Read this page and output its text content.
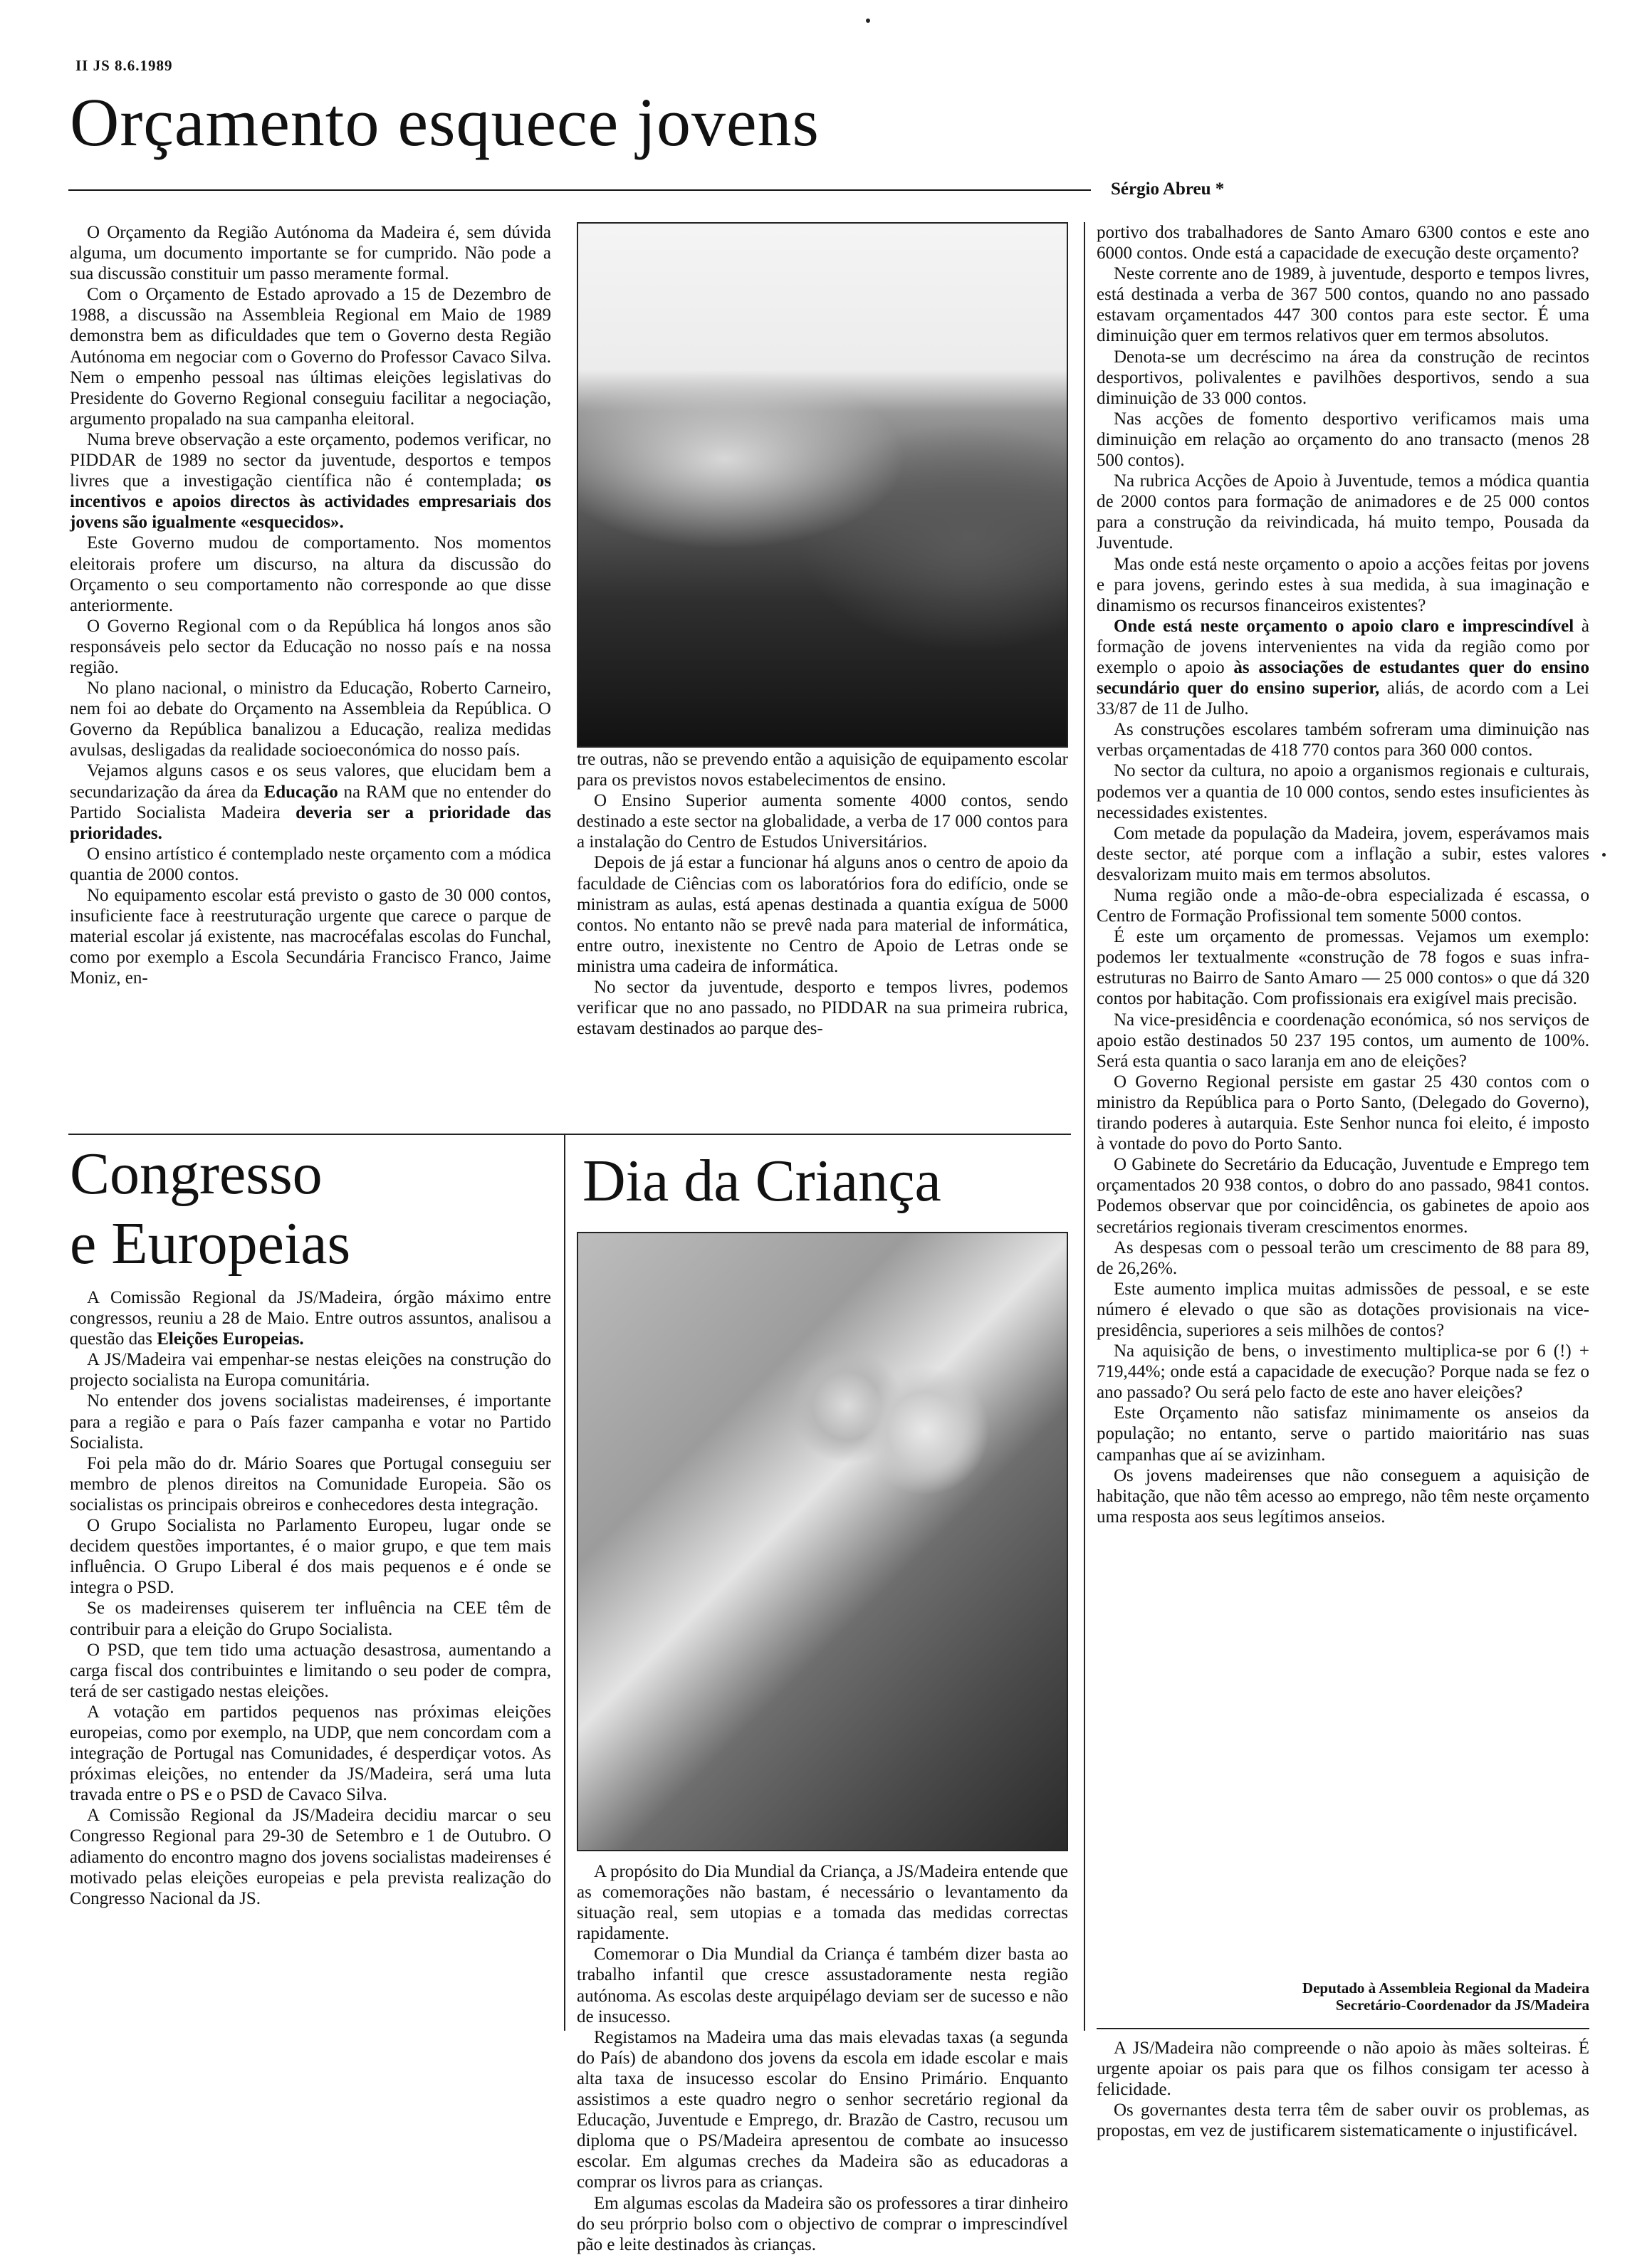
II JS 8.6.1989
Orçamento esquece jovens
Sérgio Abreu *

O Orçamento da Região Autónoma da Madeira é, sem dúvida alguma, um documento importante se for cumprido. Não pode a sua discussão constituir um passo meramente formal.

Com o Orçamento de Estado aprovado a 15 de Dezembro de 1988, a discussão na Assembleia Regional em Maio de 1989 demonstra bem as dificuldades que tem o Governo desta Região Autónoma em negociar com o Governo do Professor Cavaco Silva. Nem o empenho pessoal nas últimas eleições legislativas do Presidente do Governo Regional conseguiu facilitar a negociação, argumento propalado na sua campanha eleitoral.

Numa breve observação a este orçamento, podemos verificar, no PIDDAR de 1989 no sector da juventude, desportos e tempos livres que a investigação científica não é contemplada; os incentivos e apoios directos às actividades empresariais dos jovens são igualmente «esquecidos».

Este Governo mudou de comportamento. Nos momentos eleitorais profere um discurso, na altura da discussão do Orçamento o seu comportamento não corresponde ao que disse anteriormente.

O Governo Regional com o da República há longos anos são responsáveis pelo sector da Educação no nosso país e na nossa região.

No plano nacional, o ministro da Educação, Roberto Carneiro, nem foi ao debate do Orçamento na Assembleia da República. O Governo da República banalizou a Educação, realiza medidas avulsas, desligadas da realidade socioeconómica do nosso país.

Vejamos alguns casos e os seus valores, que elucidam bem a secundarização da área da Educação na RAM que no entender do Partido Socialista Madeira deveria ser a prioridade das prioridades.

O ensino artístico é contemplado neste orçamento com a módica quantia de 2000 contos.

No equipamento escolar está previsto o gasto de 30 000 contos, insuficiente face à reestruturação urgente que carece o parque de material escolar já existente, nas macrocéfalas escolas do Funchal, como por exemplo a Escola Secundária Francisco Franco, Jaime Moniz, en-

tre outras, não se prevendo então a aquisição de equipamento escolar para os previstos novos estabelecimentos de ensino.

O Ensino Superior aumenta somente 4000 contos, sendo destinado a este sector na globalidade, a verba de 17 000 contos para a instalação do Centro de Estudos Universitários.

Depois de já estar a funcionar há alguns anos o centro de apoio da faculdade de Ciências com os laboratórios fora do edifício, onde se ministram as aulas, está apenas destinada a quantia exígua de 5000 contos. No entanto não se prevê nada para material de informática, entre outro, inexistente no Centro de Apoio de Letras onde se ministra uma cadeira de informática.

No sector da juventude, desporto e tempos livres, podemos verificar que no ano passado, no PIDDAR na sua primeira rubrica, estavam destinados ao parque des-

portivo dos trabalhadores de Santo Amaro 6300 contos e este ano 6000 contos. Onde está a capacidade de execução deste orçamento?

Neste corrente ano de 1989, à juventude, desporto e tempos livres, está destinada a verba de 367 500 contos, quando no ano passado estavam orçamentados 447 300 contos para este sector. É uma diminuição quer em termos relativos quer em termos absolutos.

Denota-se um decréscimo na área da construção de recintos desportivos, polivalentes e pavilhões desportivos, sendo a sua diminuição de 33 000 contos.

Nas acções de fomento desportivo verificamos mais uma diminuição em relação ao orçamento do ano transacto (menos 28 500 contos).

Na rubrica Acções de Apoio à Juventude, temos a módica quantia de 2000 contos para formação de animadores e de 25 000 contos para a construção da reivindicada, há muito tempo, Pousada da Juventude.

Mas onde está neste orçamento o apoio a acções feitas por jovens e para jovens, gerindo estes à sua medida, à sua imaginação e dinamismo os recursos financeiros existentes?

Onde está neste orçamento o apoio claro e imprescindível à formação de jovens intervenientes na vida da região como por exemplo o apoio às associações de estudantes quer do ensino secundário quer do ensino superior, aliás, de acordo com a Lei 33/87 de 11 de Julho.

As construções escolares também sofreram uma diminuição nas verbas orçamentadas de 418 770 contos para 360 000 contos.

No sector da cultura, no apoio a organismos regionais e culturais, podemos ver a quantia de 10 000 contos, sendo estes insuficientes às necessidades existentes.

Com metade da população da Madeira, jovem, esperávamos mais deste sector, até porque com a inflação a subir, estes valores desvalorizam muito mais em termos absolutos.

Numa região onde a mão-de-obra especializada é escassa, o Centro de Formação Profissional tem somente 5000 contos.

É este um orçamento de promessas. Vejamos um exemplo: podemos ler textualmente «construção de 78 fogos e suas infra-estruturas no Bairro de Santo Amaro — 25 000 contos» o que dá 320 contos por habitação. Com profissionais era exigível mais precisão.

Na vice-presidência e coordenação económica, só nos serviços de apoio estão destinados 50 237 195 contos, um aumento de 100%. Será esta quantia o saco laranja em ano de eleições?

O Governo Regional persiste em gastar 25 430 contos com o ministro da República para o Porto Santo, (Delegado do Governo), tirando poderes à autarquia. Este Senhor nunca foi eleito, é imposto à vontade do povo do Porto Santo.

O Gabinete do Secretário da Educação, Juventude e Emprego tem orçamentados 20 938 contos, o dobro do ano passado, 9841 contos. Podemos observar que por coincidência, os gabinetes de apoio aos secretários regionais tiveram crescimentos enormes.

As despesas com o pessoal terão um crescimento de 88 para 89, de 26,26%.

Este aumento implica muitas admissões de pessoal, e se este número é elevado o que são as dotações provisionais na vice-presidência, superiores a seis milhões de contos?

Na aquisição de bens, o investimento multiplica-se por 6 (!) + 719,44%; onde está a capacidade de execução? Porque nada se fez o ano passado? Ou será pelo facto de este ano haver eleições?

Este Orçamento não satisfaz minimamente os anseios da população; no entanto, serve o partido maioritário nas suas campanhas que aí se avizinham.

Os jovens madeirenses que não conseguem a aquisição de habitação, que não têm acesso ao emprego, não têm neste orçamento uma resposta aos seus legítimos anseios.

Congresso
e Europeias

A Comissão Regional da JS/Madeira, órgão máximo entre congressos, reuniu a 28 de Maio. Entre outros assuntos, analisou a questão das Eleições Europeias.

A JS/Madeira vai empenhar-se nestas eleições na construção do projecto socialista na Europa comunitária.

No entender dos jovens socialistas madeirenses, é importante para a região e para o País fazer campanha e votar no Partido Socialista.

Foi pela mão do dr. Mário Soares que Portugal conseguiu ser membro de plenos direitos na Comunidade Europeia. São os socialistas os principais obreiros e conhecedores desta integração.

O Grupo Socialista no Parlamento Europeu, lugar onde se decidem questões importantes, é o maior grupo, e que tem mais influência. O Grupo Liberal é dos mais pequenos e é onde se integra o PSD.

Se os madeirenses quiserem ter influência na CEE têm de contribuir para a eleição do Grupo Socialista.

O PSD, que tem tido uma actuação desastrosa, aumentando a carga fiscal dos contribuintes e limitando o seu poder de compra, terá de ser castigado nestas eleições.

A votação em partidos pequenos nas próximas eleições europeias, como por exemplo, na UDP, que nem concordam com a integração de Portugal nas Comunidades, é desperdiçar votos. As próximas eleições, no entender da JS/Madeira, será uma luta travada entre o PS e o PSD de Cavaco Silva.

A Comissão Regional da JS/Madeira decidiu marcar o seu Congresso Regional para 29-30 de Setembro e 1 de Outubro. O adiamento do encontro magno dos jovens socialistas madeirenses é motivado pelas eleições europeias e pela prevista realização do Congresso Nacional da JS.

Dia da Criança

A propósito do Dia Mundial da Criança, a JS/Madeira entende que as comemorações não bastam, é necessário o levantamento da situação real, sem utopias e a tomada das medidas correctas rapidamente.

Comemorar o Dia Mundial da Criança é também dizer basta ao trabalho infantil que cresce assustadoramente nesta região autónoma. As escolas deste arquipélago deviam ser de sucesso e não de insucesso.

Registamos na Madeira uma das mais elevadas taxas (a segunda do País) de abandono dos jovens da escola em idade escolar e mais alta taxa de insucesso escolar do Ensino Primário. Enquanto assistimos a este quadro negro o senhor secretário regional da Educação, Juventude e Emprego, dr. Brazão de Castro, recusou um diploma que o PS/Madeira apresentou de combate ao insucesso escolar. Em algumas creches da Madeira são as educadoras a comprar os livros para as crianças.

Em algumas escolas da Madeira são os professores a tirar dinheiro do seu prórprio bolso com o objectivo de comprar o imprescindível pão e leite destinados às crianças.

Deputado à Assembleia Regional da Madeira
Secretário-Coordenador da JS/Madeira

A JS/Madeira não compreende o não apoio às mães solteiras. É urgente apoiar os pais para que os filhos consigam ter acesso à felicidade.

Os governantes desta terra têm de saber ouvir os problemas, as propostas, em vez de justificarem sistematicamente o injustificável.
